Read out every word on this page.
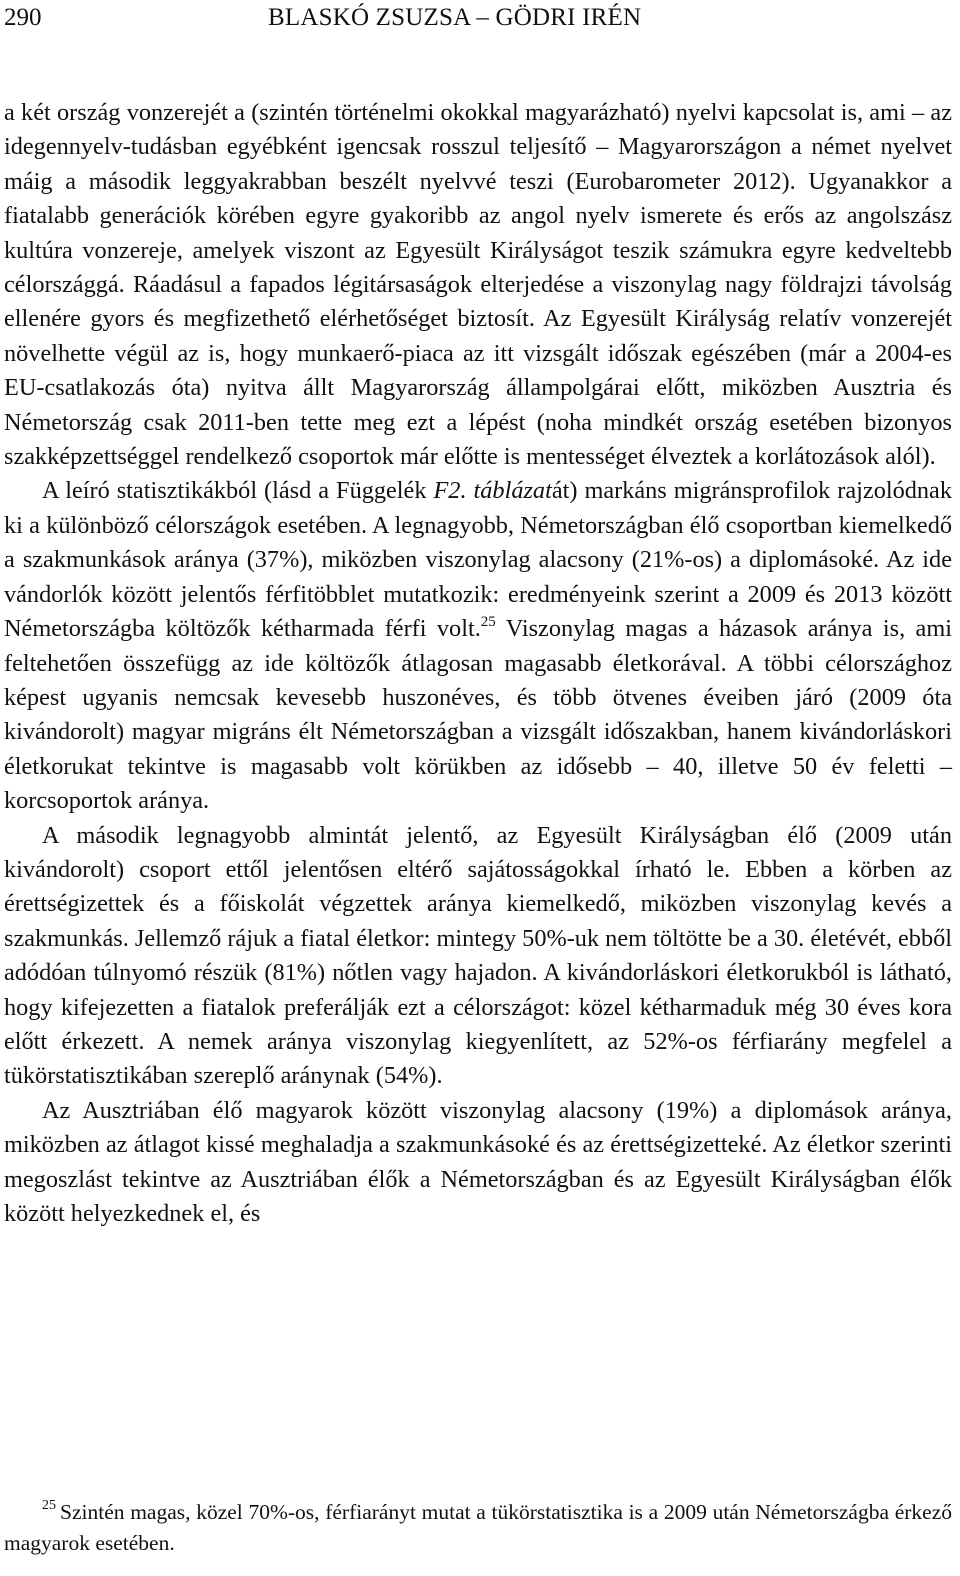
290	BLASKÓ ZSUZSA – GÖDRI IRÉN

a két ország vonzerejét a (szintén történelmi okokkal magyarázható) nyelvi kapcsolat is, ami – az idegennyelv-tudásban egyébként igencsak rosszul teljesítő – Magyarországon a német nyelvet máig a második leggyakrabban beszélt nyelvvé teszi (Eurobarometer 2012). Ugyanakkor a fiatalabb generációk körében egyre gyakoribb az angol nyelv ismerete és erős az angolszász kultúra vonzereje, amelyek viszont az Egyesült Királyságot teszik számukra egyre kedveltebb célországgá. Ráadásul a fapados légitársaságok elterjedése a viszonylag nagy földrajzi távolság ellenére gyors és megfizethető elérhetőséget biztosít. Az Egyesült Királyság relatív vonzerejét növelhette végül az is, hogy munkaerő-piaca az itt vizsgált időszak egészében (már a 2004-es EU-csatlakozás óta) nyitva állt Magyarország állampolgárai előtt, miközben Ausztria és Németország csak 2011-ben tette meg ezt a lépést (noha mindkét ország esetében bizonyos szakképzettséggel rendelkező csoportok már előtte is mentességet élveztek a korlátozások alól).

A leíró statisztikákból (lásd a Függelék F2. táblázatát) markáns migránsprofilok rajzolódnak ki a különböző célországok esetében. A legnagyobb, Németországban élő csoportban kiemelkedő a szakmunkások aránya (37%), miközben viszonylag alacsony (21%-os) a diplomásoké. Az ide vándorlók között jelentős férfitöbblet mutatkozik: eredményeink szerint a 2009 és 2013 között Németországba költözők kétharmada férfi volt.$^{25}$ Viszonylag magas a házasok aránya is, ami feltehetően összefügg az ide költözők átlagosan magasabb életkorával. A többi célországhoz képest ugyanis nemcsak kevesebb huszonéves, és több ötvenes éveiben járó (2009 óta kivándorolt) magyar migráns élt Németországban a vizsgált időszakban, hanem kivándorláskori életkorukat tekintve is magasabb volt körükben az idősebb – 40, illetve 50 év feletti – korcsoportok aránya.

A második legnagyobb almintát jelentő, az Egyesült Királyságban élő (2009 után kivándorolt) csoport ettől jelentősen eltérő sajátosságokkal írható le. Ebben a körben az érettségizettek és a főiskolát végzettek aránya kiemelkedő, miközben viszonylag kevés a szakmunkás. Jellemző rájuk a fiatal életkor: mintegy 50%-uk nem töltötte be a 30. életévét, ebből adódóan túlnyomó részük (81%) nőtlen vagy hajadon. A kivándorláskori életkorukból is látható, hogy kifejezetten a fiatalok preferálják ezt a célországot: közel kétharmaduk még 30 éves kora előtt érkezett. A nemek aránya viszonylag kiegyenlített, az 52%-os férfiarány megfelel a tükörstatisztikában szereplő aránynak (54%).

Az Ausztriában élő magyarok között viszonylag alacsony (19%) a diplomások aránya, miközben az átlagot kissé meghaladja a szakmunkásoké és az érettségizetteké. Az életkor szerinti megoszlást tekintve az Ausztriában élők a Németországban és az Egyesült Királyságban élők között helyezkednek el, és

$^{25}$ Szintén magas, közel 70%-os, férfiarányt mutat a tükörstatisztika is a 2009 után Németországba érkező magyarok esetében.
